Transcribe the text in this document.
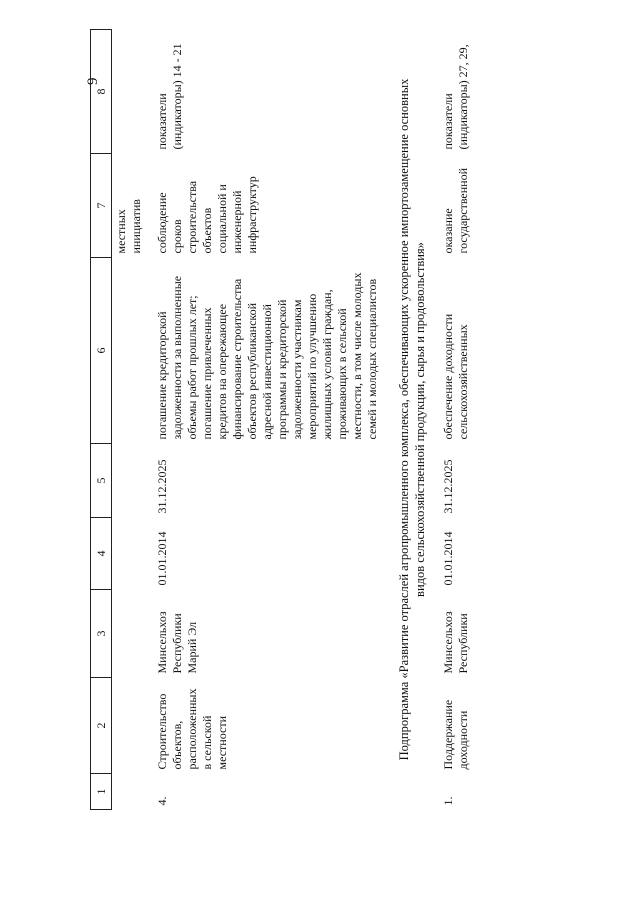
9
1	2	3	4	5	6	7	8
						местных инициатив	
4.	Строительство объектов, расположенных в сельской местности	Минсельхоз Республики Марий Эл	01.01.2014	31.12.2025	погашение кредиторской задолженности за выполненные объемы работ прошлых лет; погашение привлеченных кредитов на опережающее финансирование строительства объектов республиканской адресной инвестиционной программы и кредиторской задолженности участникам мероприятий по улучшению жилищных условий граждан, проживающих в сельской местности, в том числе молодых семей и молодых специалистов	соблюдение сроков строительства объектов социальной и инженерной инфраструктур	показатели (индикаторы) 14 - 21
Подпрограмма «Развитие отраслей агропромышленного комплекса, обеспечивающих ускоренное импортозамещение основных видов сельскохозяйственной продукции, сырья и продовольствия»							
1.	Поддержание доходности	Минсельхоз Республики	01.01.2014	31.12.2025	обеспечение доходности сельскохозяйственных	оказание государственной	показатели (индикаторы) 27, 29,
